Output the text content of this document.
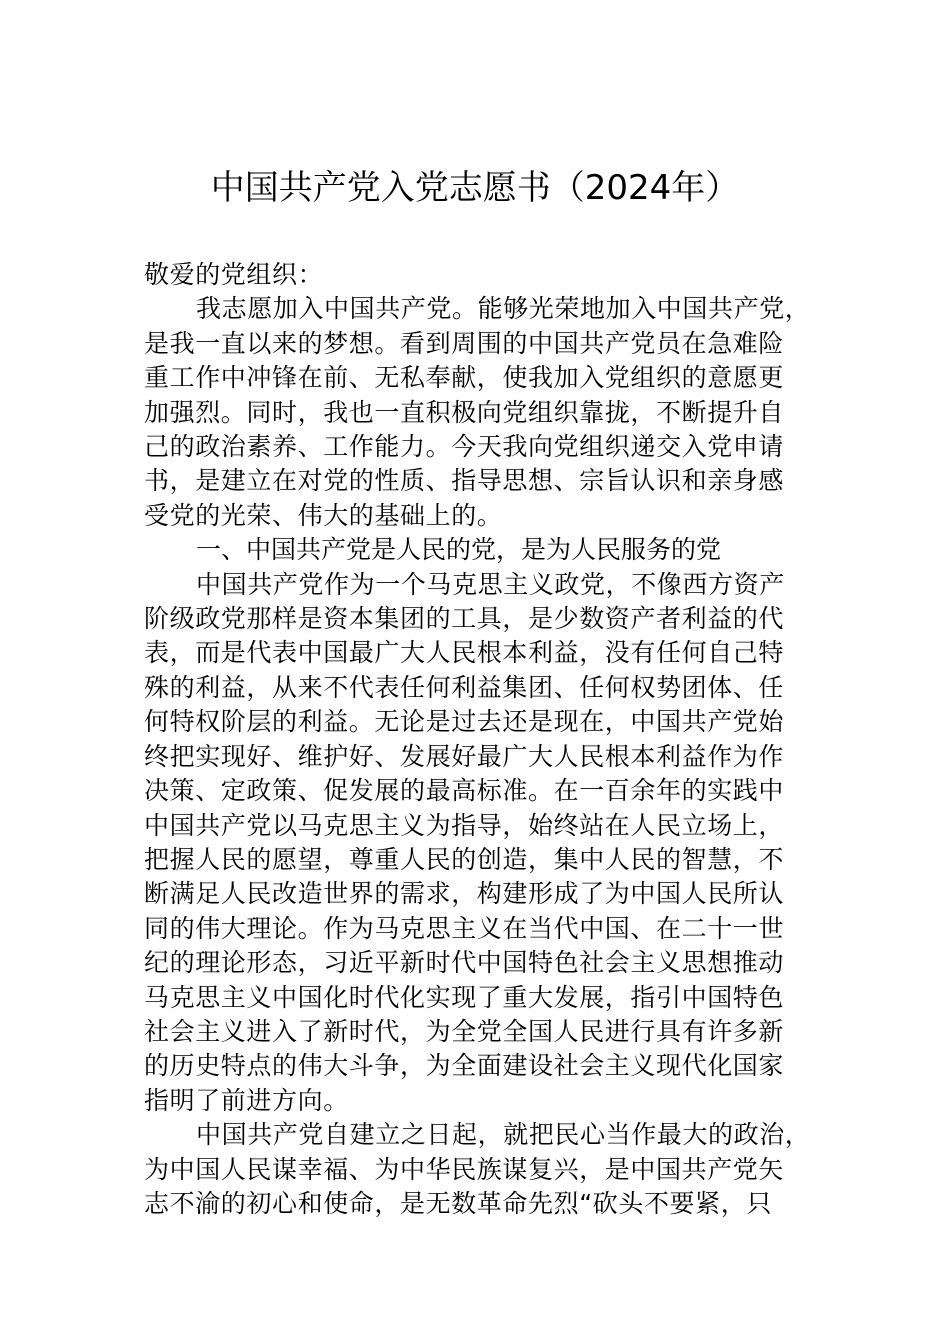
中国共产党入党志愿书（2024年）
敬爱的党组织：

我志愿加入中国共产党。能够光荣地加入中国共产党，
是我一直以来的梦想。看到周围的中国共产党员在急难险
重工作中冲锋在前、无私奉献，使我加入党组织的意愿更
加强烈。同时，我也一直积极向党组织靠拢，不断提升自
己的政治素养、工作能力。今天我向党组织递交入党申请
书，是建立在对党的性质、指导思想、宗旨认识和亲身感
受党的光荣、伟大的基础上的。

一、中国共产党是人民的党，是为人民服务的党

中国共产党作为一个马克思主义政党，不像西方资产
阶级政党那样是资本集团的工具，是少数资产者利益的代
表，而是代表中国最广大人民根本利益，没有任何自己特
殊的利益，从来不代表任何利益集团、任何权势团体、任
何特权阶层的利益。无论是过去还是现在，中国共产党始
终把实现好、维护好、发展好最广大人民根本利益作为作
决策、定政策、促发展的最高标准。在一百余年的实践中
中国共产党以马克思主义为指导，始终站在人民立场上，
把握人民的愿望，尊重人民的创造，集中人民的智慧，不
断满足人民改造世界的需求，构建形成了为中国人民所认
同的伟大理论。作为马克思主义在当代中国、在二十一世
纪的理论形态，习近平新时代中国特色社会主义思想推动
马克思主义中国化时代化实现了重大发展，指引中国特色
社会主义进入了新时代，为全党全国人民进行具有许多新
的历史特点的伟大斗争，为全面建设社会主义现代化国家
指明了前进方向。

中国共产党自建立之日起，就把民心当作最大的政治，
为中国人民谋幸福、为中华民族谋复兴，是中国共产党矢
志不渝的初心和使命，是无数革命先烈“砍头不要紧，只
